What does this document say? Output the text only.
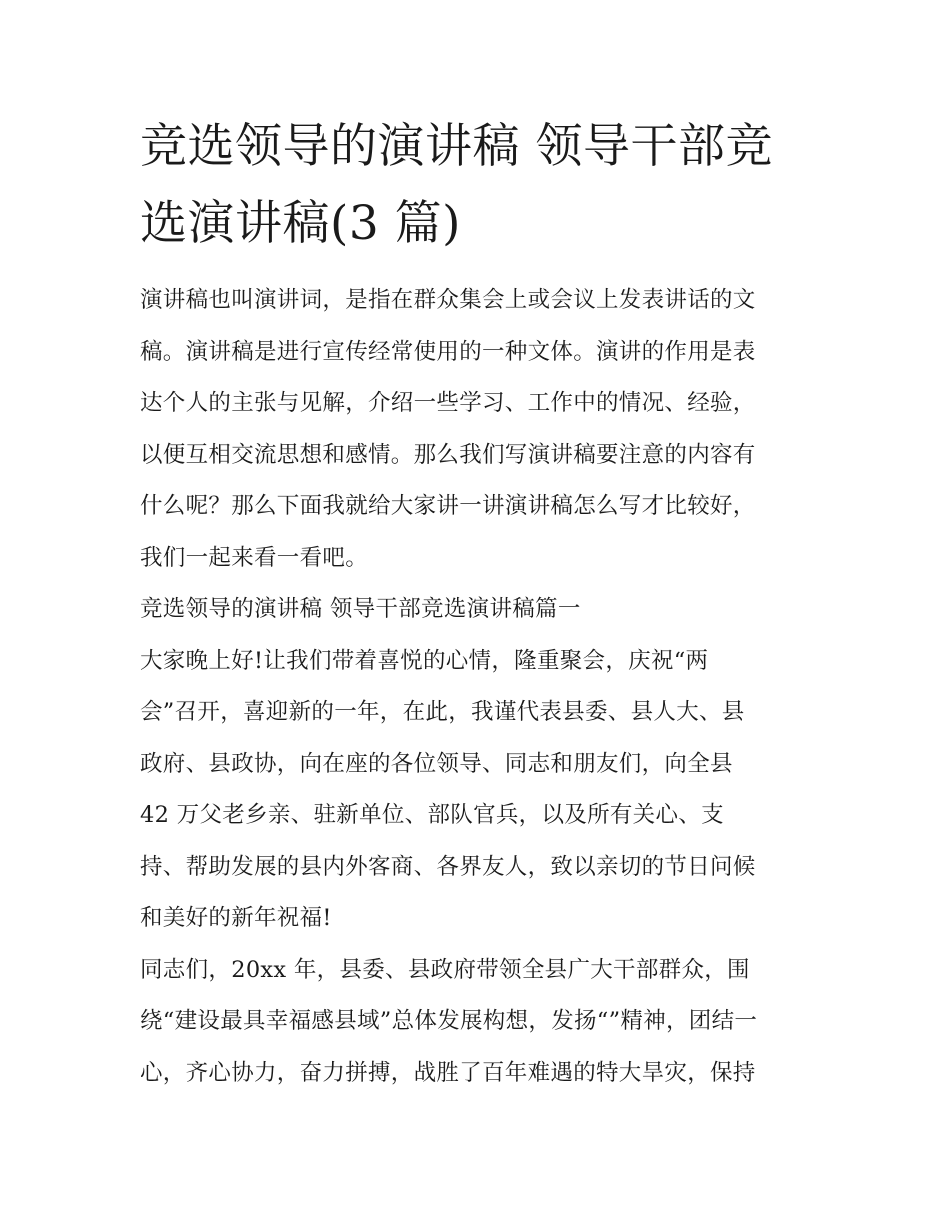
竞选领导的演讲稿 领导干部竞
选演讲稿(3 篇)
演讲稿也叫演讲词，是指在群众集会上或会议上发表讲话的文
稿。演讲稿是进行宣传经常使用的一种文体。演讲的作用是表
达个人的主张与见解，介绍一些学习、工作中的情况、经验，
以便互相交流思想和感情。那么我们写演讲稿要注意的内容有
什么呢？那么下面我就给大家讲一讲演讲稿怎么写才比较好，
我们一起来看一看吧。
竞选领导的演讲稿 领导干部竞选演讲稿篇一
大家晚上好!让我们带着喜悦的心情，隆重聚会，庆祝“两
会”召开，喜迎新的一年，在此，我谨代表县委、县人大、县
政府、县政协，向在座的各位领导、同志和朋友们，向全县
42 万父老乡亲、驻新单位、部队官兵，以及所有关心、支
持、帮助发展的县内外客商、各界友人，致以亲切的节日问候
和美好的新年祝福!
同志们，20xx 年，县委、县政府带领全县广大干部群众，围
绕“建设最具幸福感县域”总体发展构想，发扬“”精神，团结一
心，齐心协力，奋力拼搏，战胜了百年难遇的特大旱灾，保持
